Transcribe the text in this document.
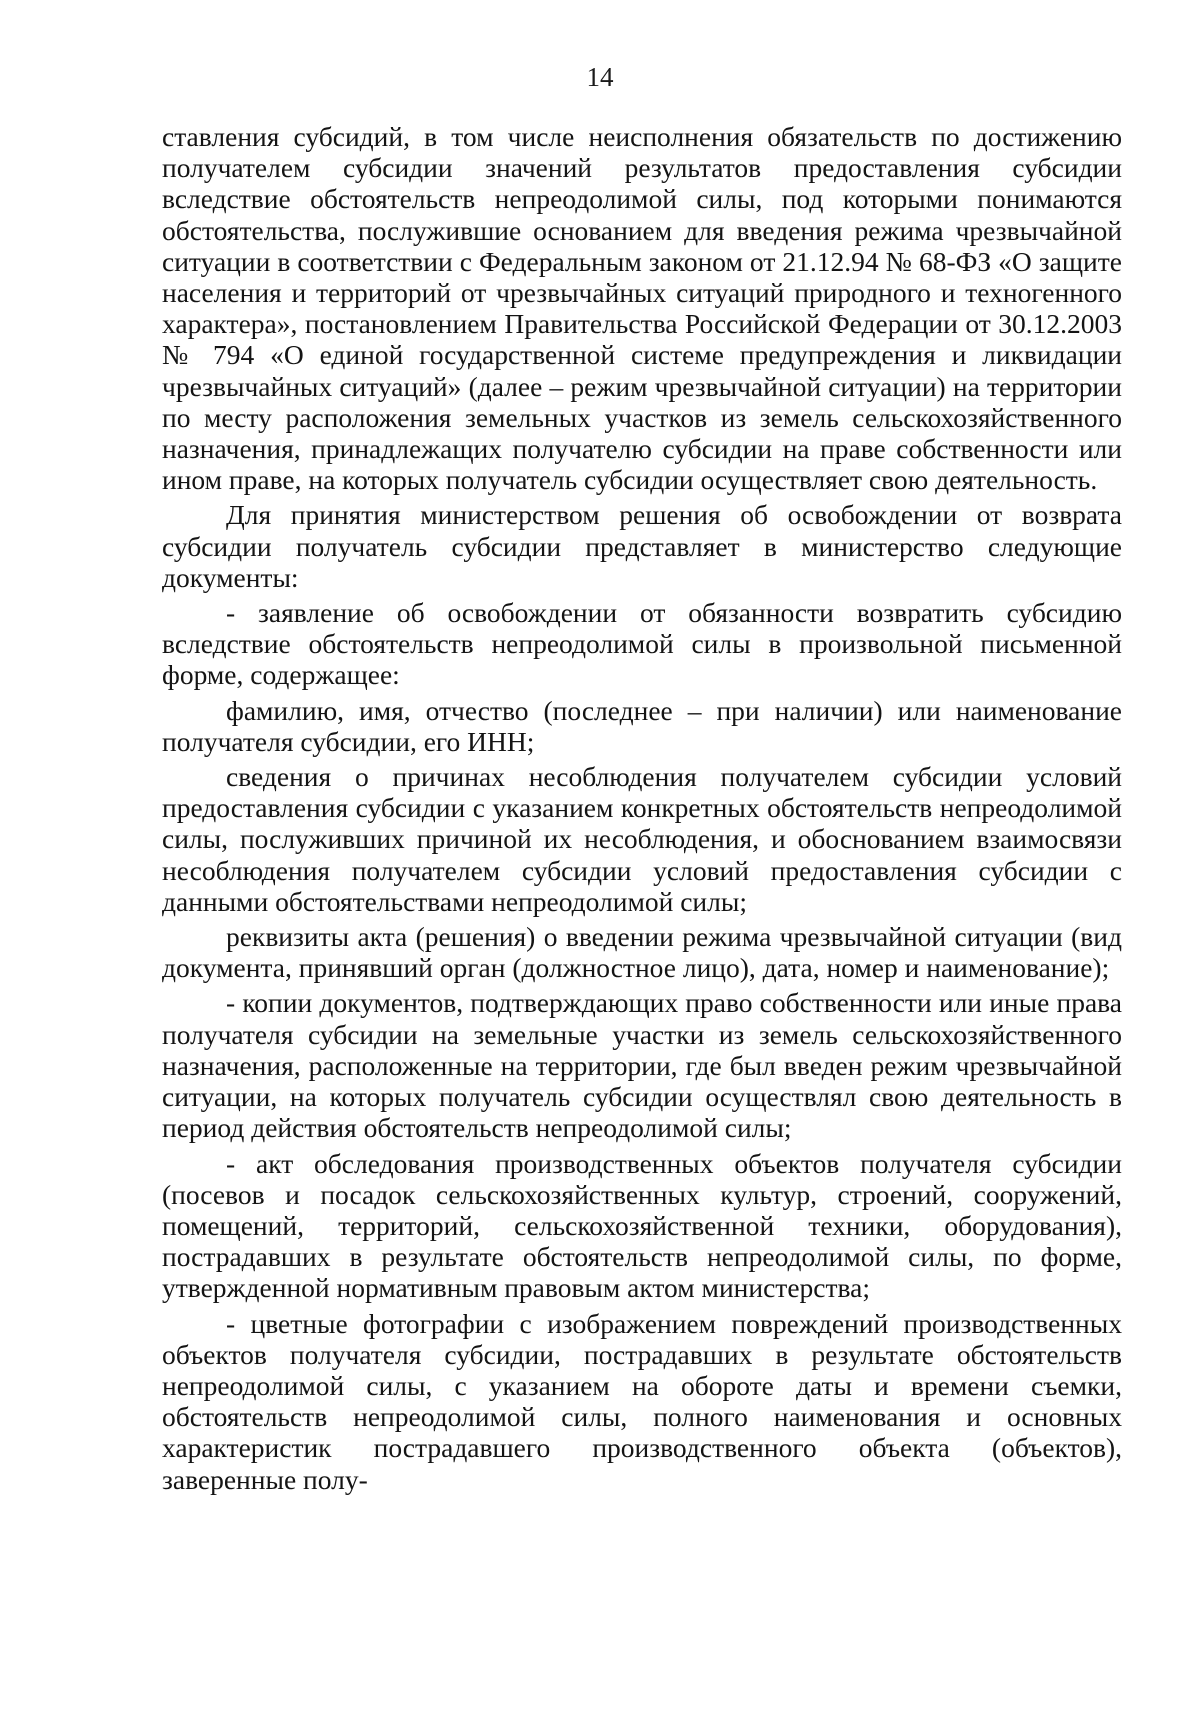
14

ставления субсидий, в том числе неисполнения обязательств по достижению получателем субсидии значений результатов предоставления субсидии вследствие обстоятельств непреодолимой силы, под которыми понимаются обстоятельства, послужившие основанием для введения режима чрезвычайной ситуации в соответствии с Федеральным законом от 21.12.94 № 68-ФЗ «О защите населения и территорий от чрезвычайных ситуаций природного и техногенного характера», постановлением Правительства Российской Федерации от 30.12.2003 № 794 «О единой государственной системе предупреждения и ликвидации чрезвычайных ситуаций» (далее – режим чрезвычайной ситуации) на территории по месту расположения земельных участков из земель сельскохозяйственного назначения, принадлежащих получателю субсидии на праве собственности или ином праве, на которых получатель субсидии осуществляет свою деятельность.

Для принятия министерством решения об освобождении от возврата субсидии получатель субсидии представляет в министерство следующие документы:

- заявление об освобождении от обязанности возвратить субсидию вследствие обстоятельств непреодолимой силы в произвольной письменной форме, содержащее:

фамилию, имя, отчество (последнее – при наличии) или наименование получателя субсидии, его ИНН;

сведения о причинах несоблюдения получателем субсидии условий предоставления субсидии с указанием конкретных обстоятельств непреодолимой силы, послуживших причиной их несоблюдения, и обоснованием взаимосвязи несоблюдения получателем субсидии условий предоставления субсидии с данными обстоятельствами непреодолимой силы;

реквизиты акта (решения) о введении режима чрезвычайной ситуации (вид документа, принявший орган (должностное лицо), дата, номер и наименование);

- копии документов, подтверждающих право собственности или иные права получателя субсидии на земельные участки из земель сельскохозяйственного назначения, расположенные на территории, где был введен режим чрезвычайной ситуации, на которых получатель субсидии осуществлял свою деятельность в период действия обстоятельств непреодолимой силы;

- акт обследования производственных объектов получателя субсидии (посевов и посадок сельскохозяйственных культур, строений, сооружений, помещений, территорий, сельскохозяйственной техники, оборудования), пострадавших в результате обстоятельств непреодолимой силы, по форме, утвержденной нормативным правовым актом министерства;

- цветные фотографии с изображением повреждений производственных объектов получателя субсидии, пострадавших в результате обстоятельств непреодолимой силы, с указанием на обороте даты и времени съемки, обстоятельств непреодолимой силы, полного наименования и основных характеристик пострадавшего производственного объекта (объектов), заверенные полу-
